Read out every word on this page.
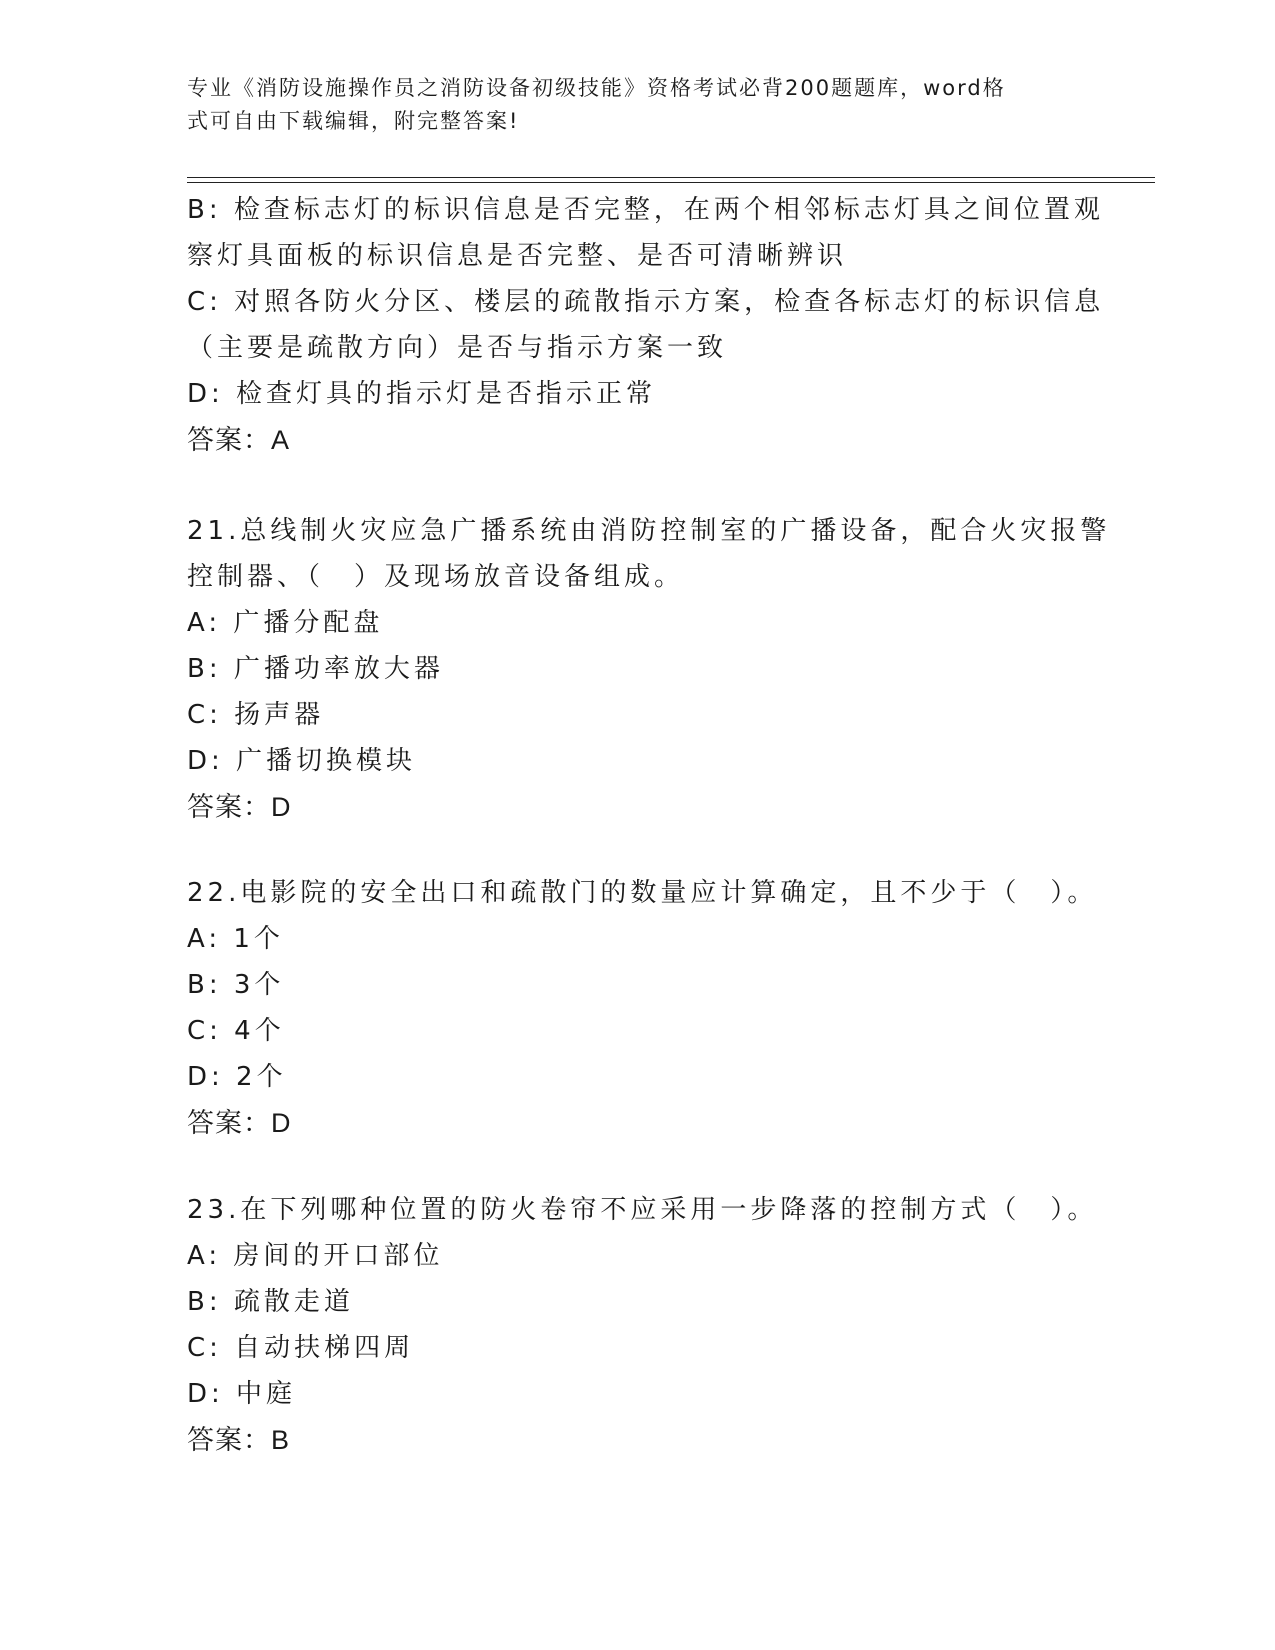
专业《消防设施操作员之消防设备初级技能》资格考试必背200题题库，word格
式可自由下载编辑，附完整答案!
B: 检查标志灯的标识信息是否完整，在两个相邻标志灯具之间位置观
察灯具面板的标识信息是否完整、是否可清晰辨识
C: 对照各防火分区、楼层的疏散指示方案，检查各标志灯的标识信息
（主要是疏散方向）是否与指示方案一致
D: 检查灯具的指示灯是否指示正常
答案：A
21.总线制火灾应急广播系统由消防控制室的广播设备，配合火灾报警
控制器、（　）及现场放音设备组成。
A: 广播分配盘
B: 广播功率放大器
C: 扬声器
D: 广播切换模块
答案：D
22.电影院的安全出口和疏散门的数量应计算确定，且不少于（　）。
A: 1个
B: 3个
C: 4个
D: 2个
答案：D
23.在下列哪种位置的防火卷帘不应采用一步降落的控制方式（　）。
A: 房间的开口部位
B: 疏散走道
C: 自动扶梯四周
D: 中庭
答案：B
